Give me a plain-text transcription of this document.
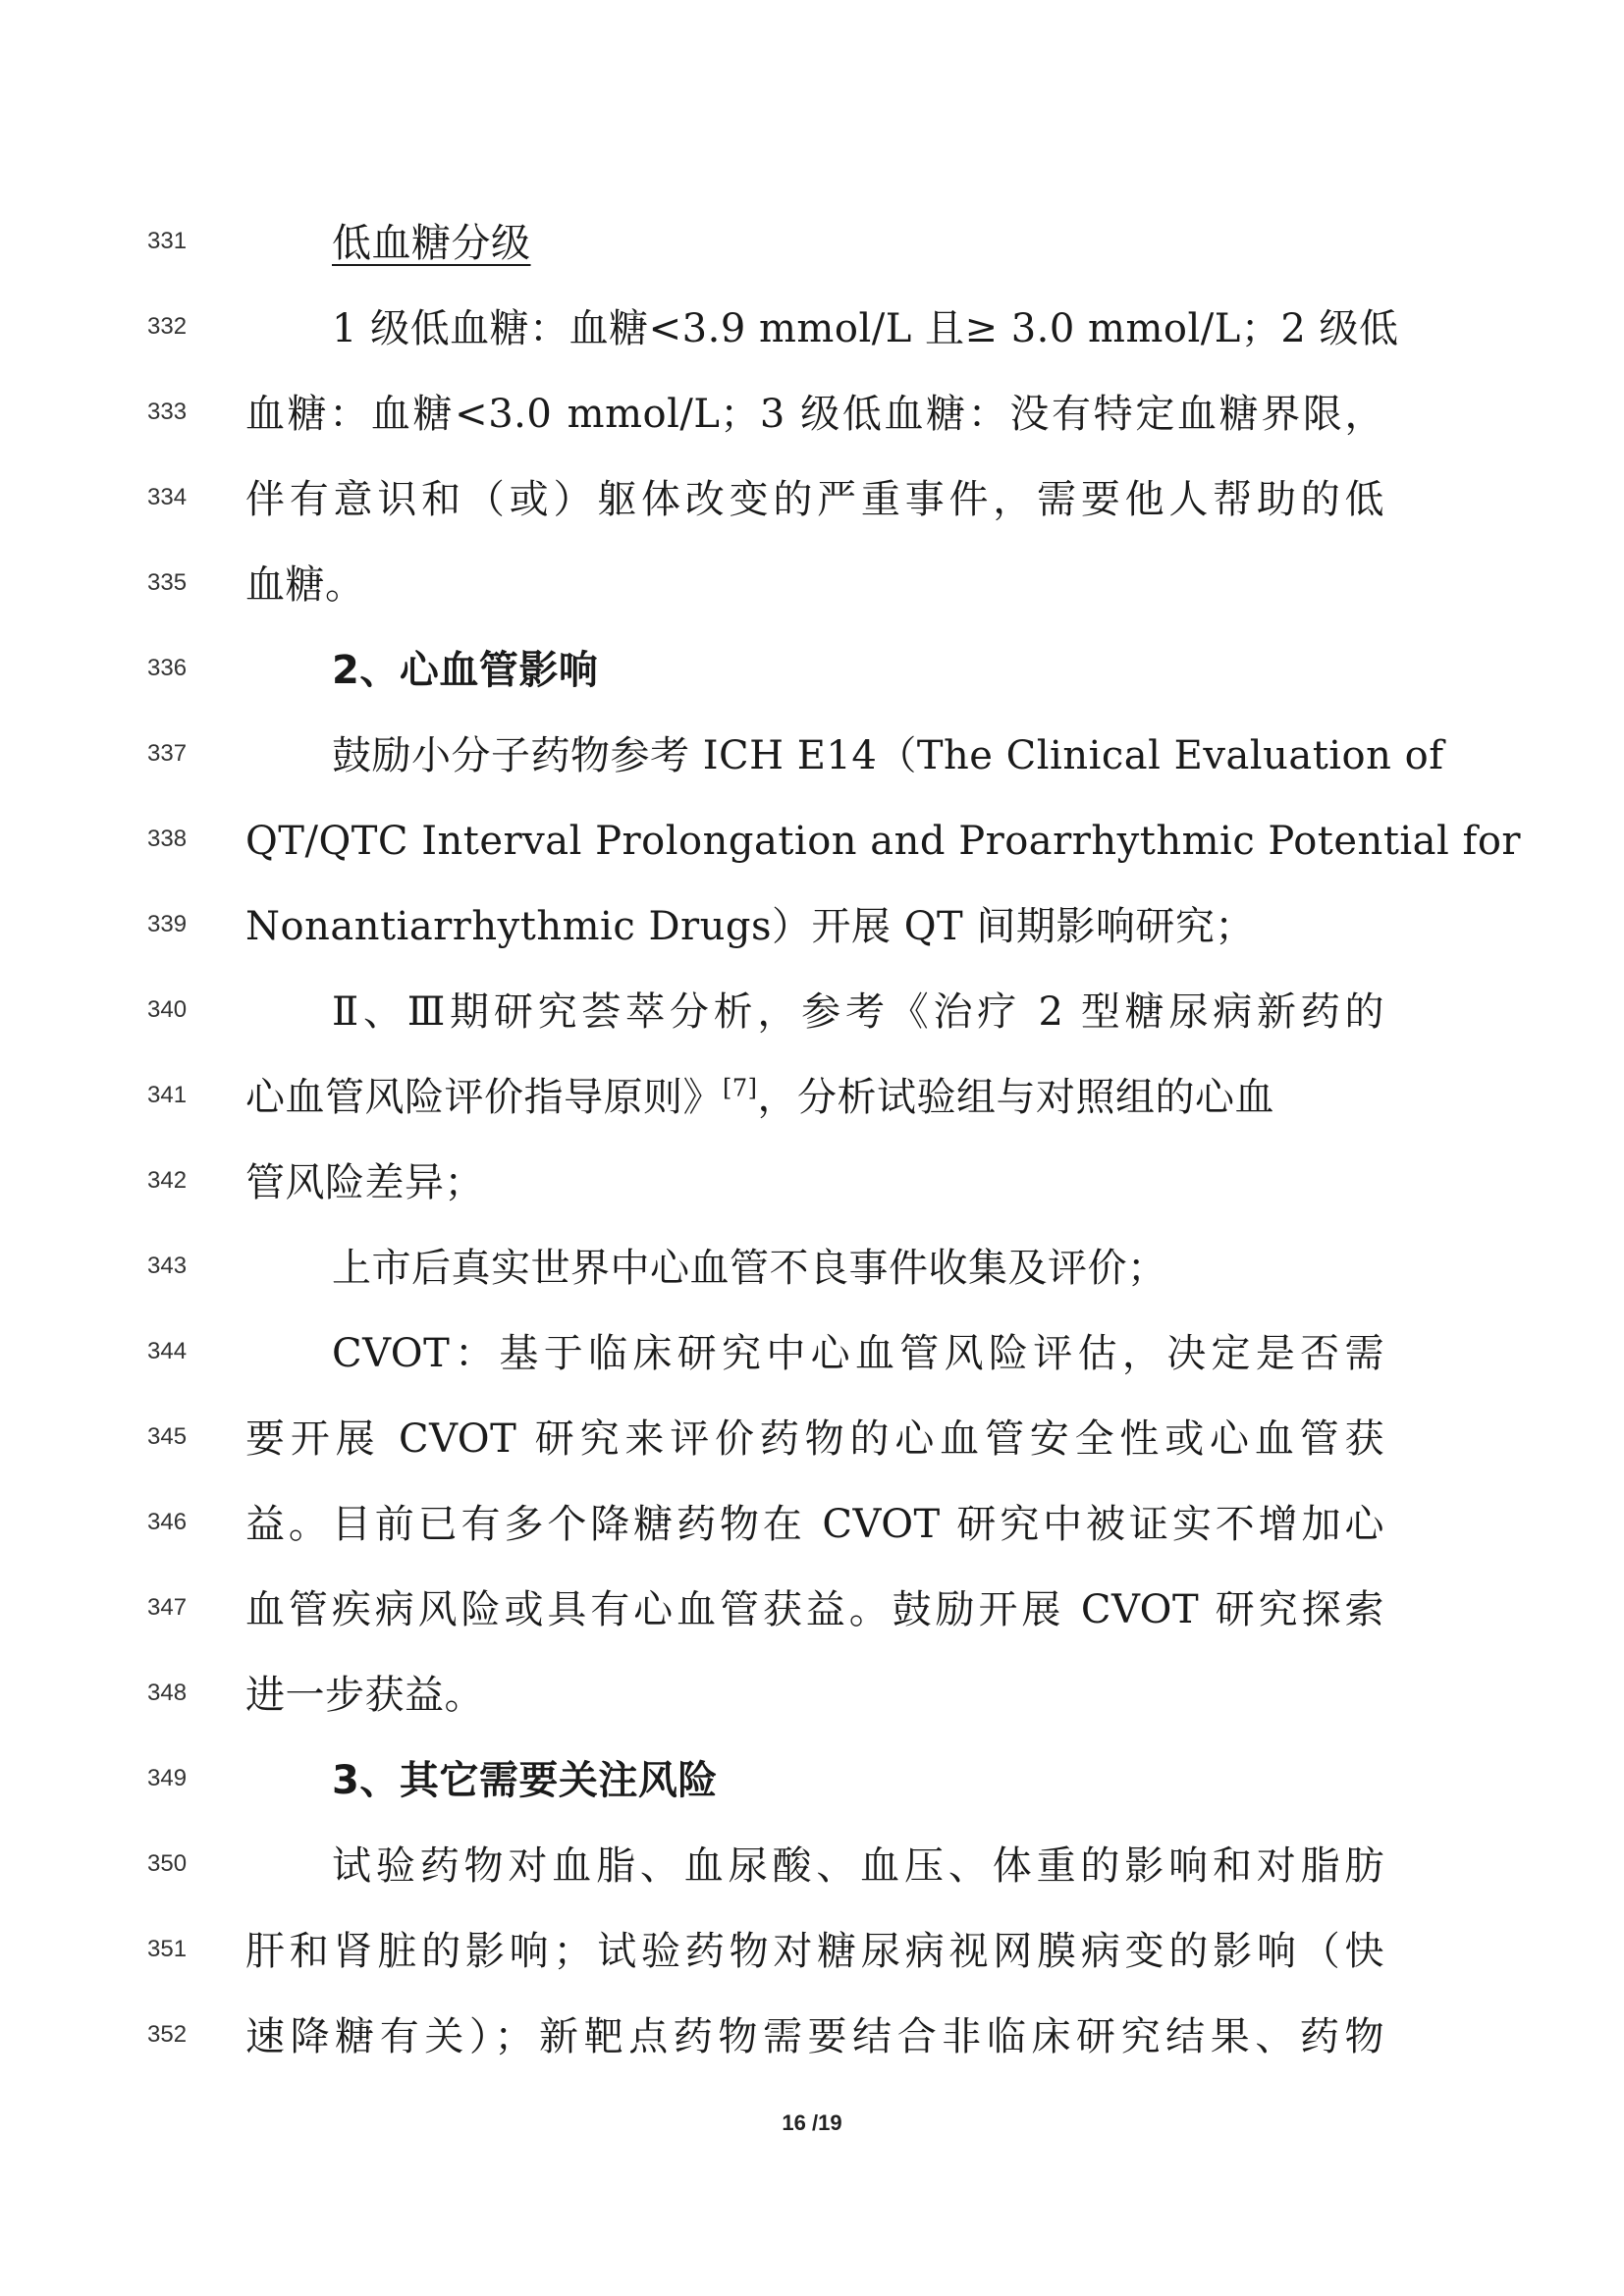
331	低血糖分级
332	1 级低血糖：血糖<3.9 mmol/L 且≥ 3.0 mmol/L；2 级低
333	血糖：血糖<3.0 mmol/L；3 级低血糖：没有特定血糖界限，
334	伴有意识和（或）躯体改变的严重事件，需要他人帮助的低
335	血糖。
336	2、心血管影响
337	鼓励小分子药物参考 ICH E14（The Clinical Evaluation of
338	QT/QTC Interval Prolongation and Proarrhythmic Potential for
339	Nonantiarrhythmic Drugs）开展 QT 间期影响研究；
340	Ⅱ、Ⅲ期研究荟萃分析，参考《治疗 2 型糖尿病新药的
341	心血管风险评价指导原则》[7]，分析试验组与对照组的心血
342	管风险差异；
343	上市后真实世界中心血管不良事件收集及评价；
344	CVOT：基于临床研究中心血管风险评估，决定是否需
345	要开展 CVOT 研究来评价药物的心血管安全性或心血管获
346	益。目前已有多个降糖药物在 CVOT 研究中被证实不增加心
347	血管疾病风险或具有心血管获益。鼓励开展 CVOT 研究探索
348	进一步获益。
349	3、其它需要关注风险
350	试验药物对血脂、血尿酸、血压、体重的影响和对脂肪
351	肝和肾脏的影响；试验药物对糖尿病视网膜病变的影响（快
352	速降糖有关）；新靶点药物需要结合非临床研究结果、药物
16 /19
